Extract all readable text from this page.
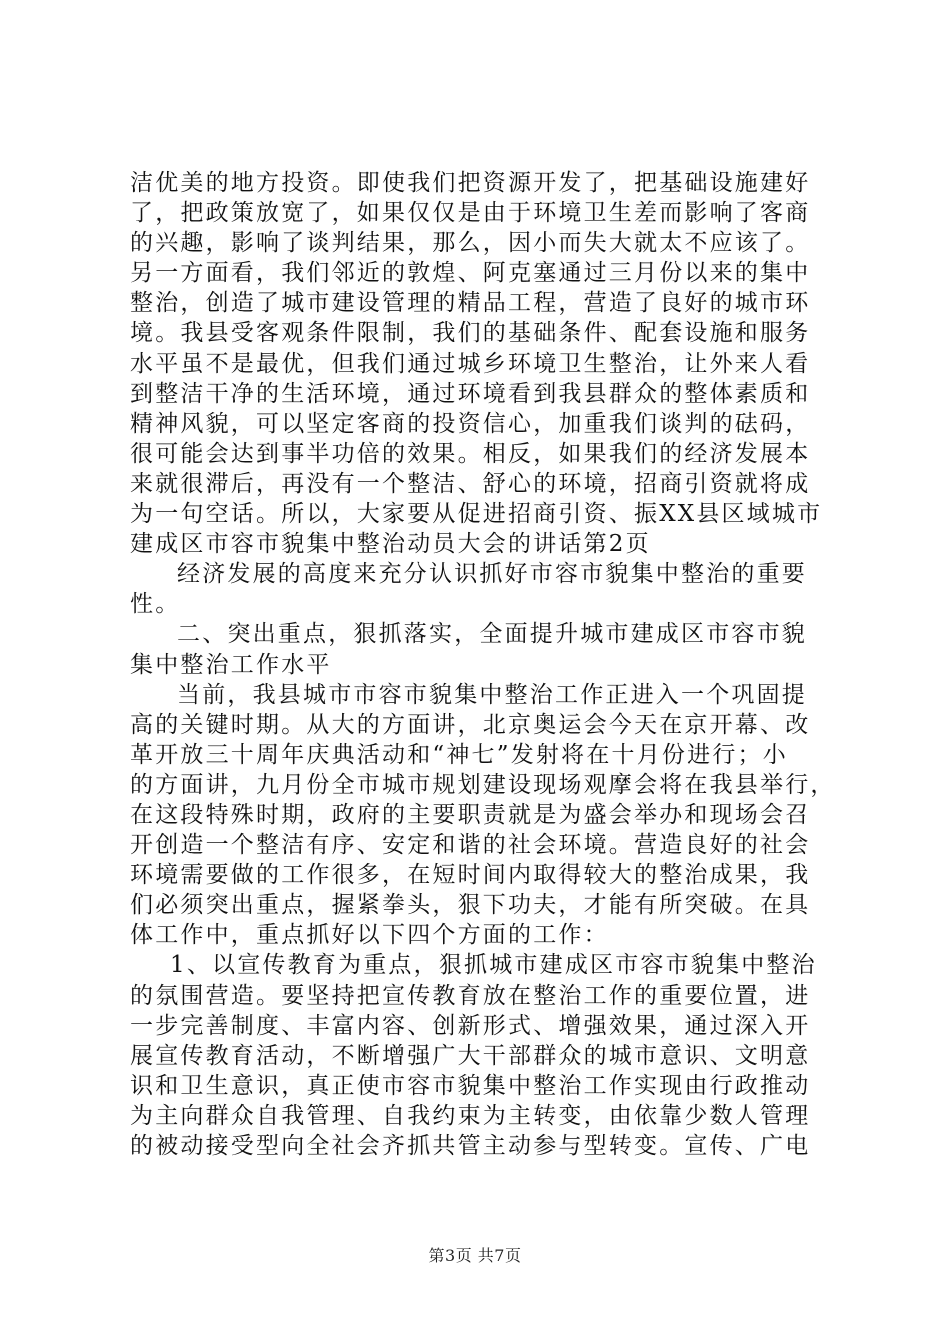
洁优美的地方投资。即使我们把资源开发了，把基础设施建好
了，把政策放宽了，如果仅仅是由于环境卫生差而影响了客商
的兴趣，影响了谈判结果，那么，因小而失大就太不应该了。
另一方面看，我们邻近的敦煌、阿克塞通过三月份以来的集中
整治，创造了城市建设管理的精品工程，营造了良好的城市环
境。我县受客观条件限制，我们的基础条件、配套设施和服务
水平虽不是最优，但我们通过城乡环境卫生整治，让外来人看
到整洁干净的生活环境，通过环境看到我县群众的整体素质和
精神风貌，可以坚定客商的投资信心，加重我们谈判的砝码，
很可能会达到事半功倍的效果。相反，如果我们的经济发展本
来就很滞后，再没有一个整洁、舒心的环境，招商引资就将成
为一句空话。所以，大家要从促进招商引资、振XX县区域城市
建成区市容市貌集中整治动员大会的讲话第2页
经济发展的高度来充分认识抓好市容市貌集中整治的重要
性。
二、突出重点，狠抓落实，全面提升城市建成区市容市貌
集中整治工作水平
当前，我县城市市容市貌集中整治工作正进入一个巩固提
高的关键时期。从大的方面讲，北京奥运会今天在京开幕、改
革开放三十周年庆典活动和“神七”发射将在十月份进行；小
的方面讲，九月份全市城市规划建设现场观摩会将在我县举行，
在这段特殊时期，政府的主要职责就是为盛会举办和现场会召
开创造一个整洁有序、安定和谐的社会环境。营造良好的社会
环境需要做的工作很多，在短时间内取得较大的整治成果，我
们必须突出重点，握紧拳头，狠下功夫，才能有所突破。在具
体工作中，重点抓好以下四个方面的工作：
1、以宣传教育为重点，狠抓城市建成区市容市貌集中整治
的氛围营造。要坚持把宣传教育放在整治工作的重要位置，进
一步完善制度、丰富内容、创新形式、增强效果，通过深入开
展宣传教育活动，不断增强广大干部群众的城市意识、文明意
识和卫生意识，真正使市容市貌集中整治工作实现由行政推动
为主向群众自我管理、自我约束为主转变，由依靠少数人管理
的被动接受型向全社会齐抓共管主动参与型转变。宣传、广电
第3页 共7页
